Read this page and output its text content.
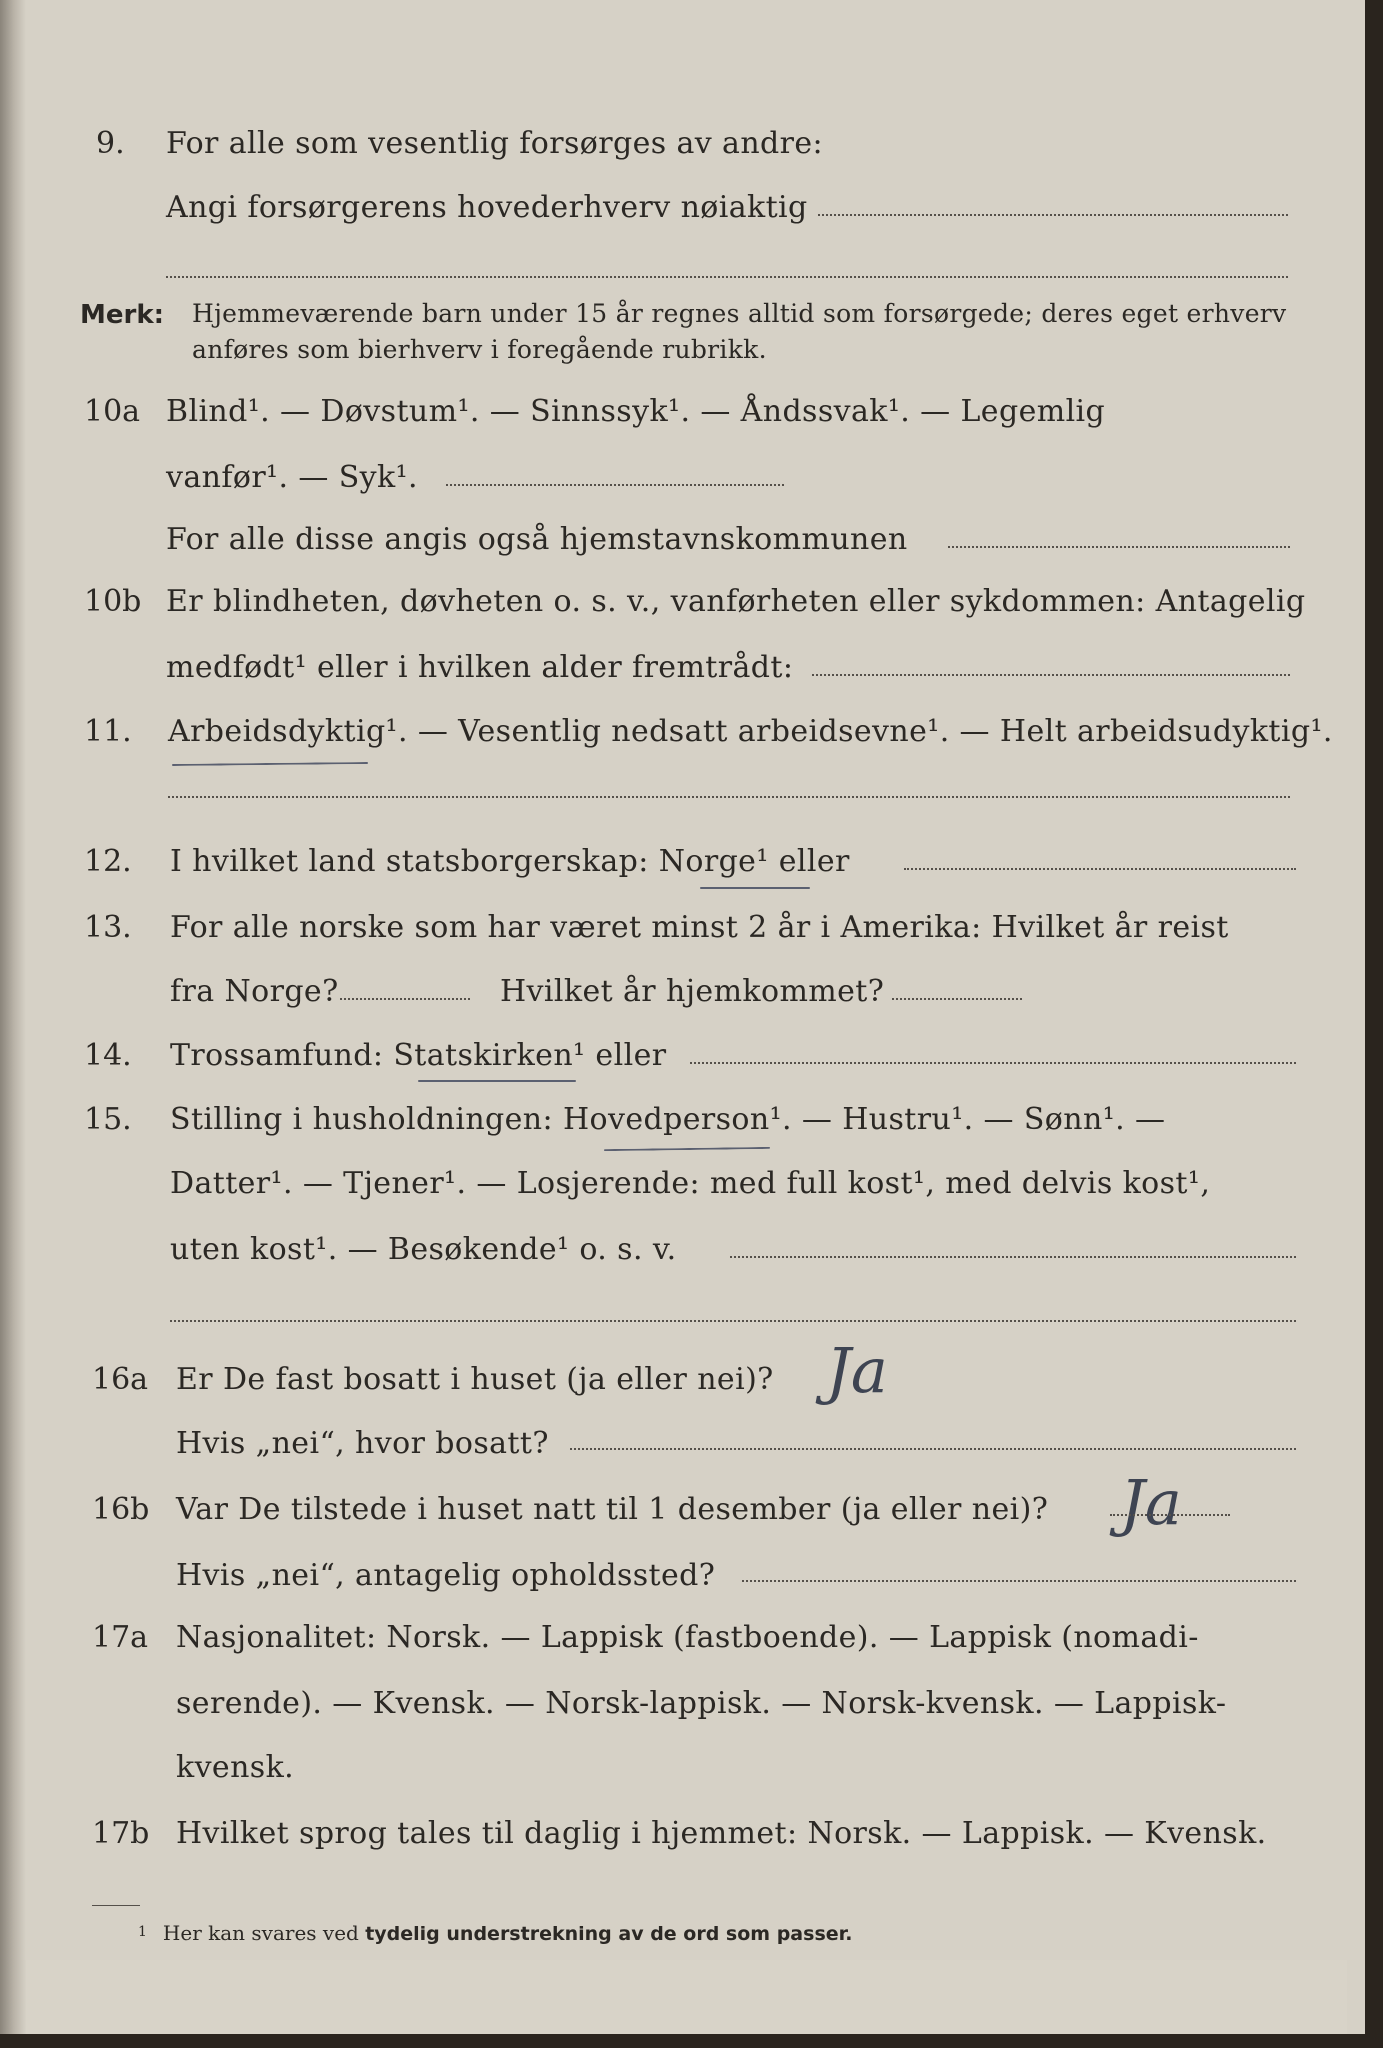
9. For alle som vesentlig forsørges av andre:
Angi forsørgerens hovederhverv nøiaktig
Merk: Hjemmeværende barn under 15 år regnes alltid som forsørgede; deres eget erhverv
anføres som bierhverv i foregående rubrikk.
10a Blind¹. — Døvstum¹. — Sinnssyk¹. — Åndssvak¹. — Legemlig
vanfør¹. — Syk¹.
For alle disse angis også hjemstavnskommunen
10b Er blindheten, døvheten o. s. v., vanførheten eller sykdommen: Antagelig
medfødt¹ eller i hvilken alder fremtrådt:
11. Arbeidsdyktig¹. — Vesentlig nedsatt arbeidsevne¹. — Helt arbeidsudyktig¹.
12. I hvilket land statsborgerskap: Norge¹ eller
13. For alle norske som har været minst 2 år i Amerika: Hvilket år reist
fra Norge?	Hvilket år hjemkommet?
14. Trossamfund: Statskirken¹ eller
15. Stilling i husholdningen: Hovedperson¹. — Hustru¹. — Sønn¹. —
Datter¹. — Tjener¹. — Losjerende: med full kost¹, med delvis kost¹,
uten kost¹. — Besøkende¹ o. s. v.
16a Er De fast bosatt i huset (ja eller nei)? Ja
Hvis „nei“, hvor bosatt?
16b Var De tilstede i huset natt til 1 desember (ja eller nei)? Ja
Hvis „nei“, antagelig opholdssted?
17a Nasjonalitet: Norsk. — Lappisk (fastboende). — Lappisk (nomadi-
serende). — Kvensk. — Norsk-lappisk. — Norsk-kvensk. — Lappisk-
kvensk.
17b Hvilket sprog tales til daglig i hjemmet: Norsk. — Lappisk. — Kvensk.
$^1$ Her kan svares ved tydelig understrekning av de ord som passer.
